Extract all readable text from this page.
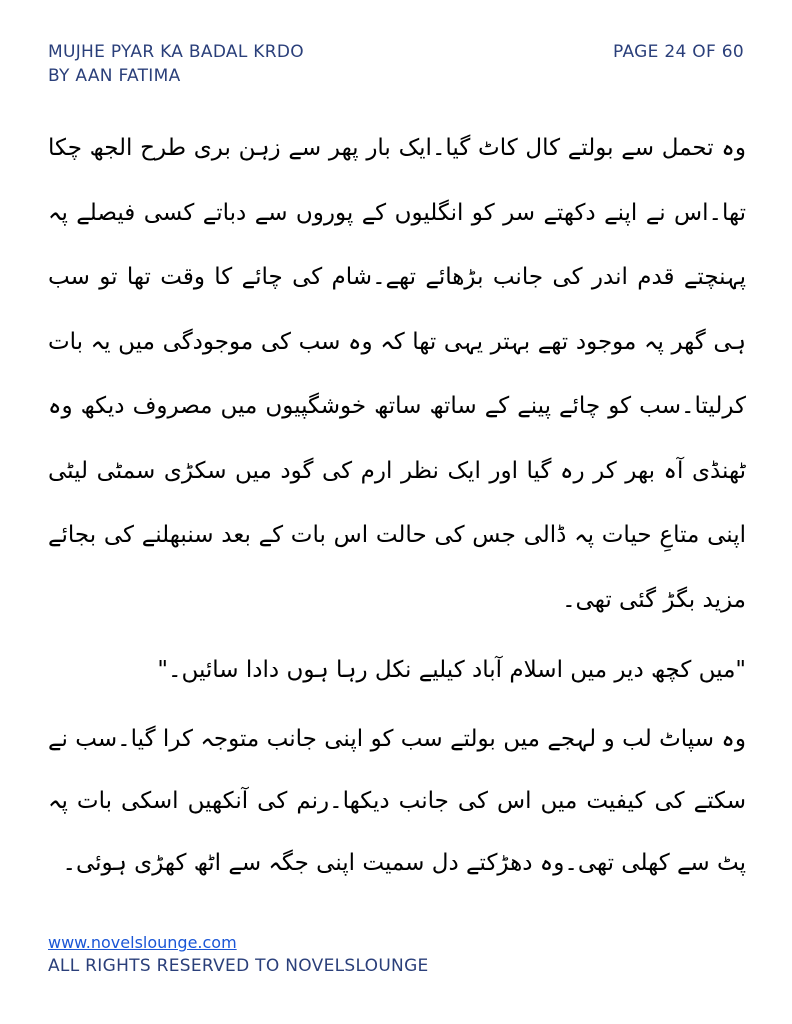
MUJHE PYAR KA BADAL KRDO
BY AAN FATIMA
PAGE 24 OF 60

وہ تحمل سے بولتے کال کاٹ گیا۔ایک بار پھر سے زہن بری طرح الجھ چکا تھا۔اس نے اپنے دکھتے سر کو انگلیوں کے پوروں سے دباتے کسی فیصلے پہ پہنچتے قدم اندر کی جانب بڑھائے تھے۔شام کی چائے کا وقت تھا تو سب ہی گھر پہ موجود تھے بہتر یہی تھا کہ وہ سب کی موجودگی میں یہ بات کرلیتا۔سب کو چائے پینے کے ساتھ ساتھ خوشگپیوں میں مصروف دیکھ وہ ٹھنڈی آہ بھر کر رہ گیا اور ایک نظر ارم کی گود میں سکڑی سمٹی لیٹی اپنی متاعِ حیات پہ ڈالی جس کی حالت اس بات کے بعد سنبھلنے کی بجائے مزید بگڑ گئی تھی۔

"میں کچھ دیر میں اسلام آباد کیلیے نکل رہا ہوں دادا سائیں۔"

وہ سپاٹ لب و لہجے میں بولتے سب کو اپنی جانب متوجہ کرا گیا۔سب نے سکتے کی کیفیت میں اس کی جانب دیکھا۔رنم کی آنکھیں اسکی بات پہ پٹ سے کھلی تھی۔وہ دھڑکتے دل سمیت اپنی جگہ سے اٹھ کھڑی ہوئی۔

www.novelslounge.com
ALL RIGHTS RESERVED TO NOVELSLOUNGE
